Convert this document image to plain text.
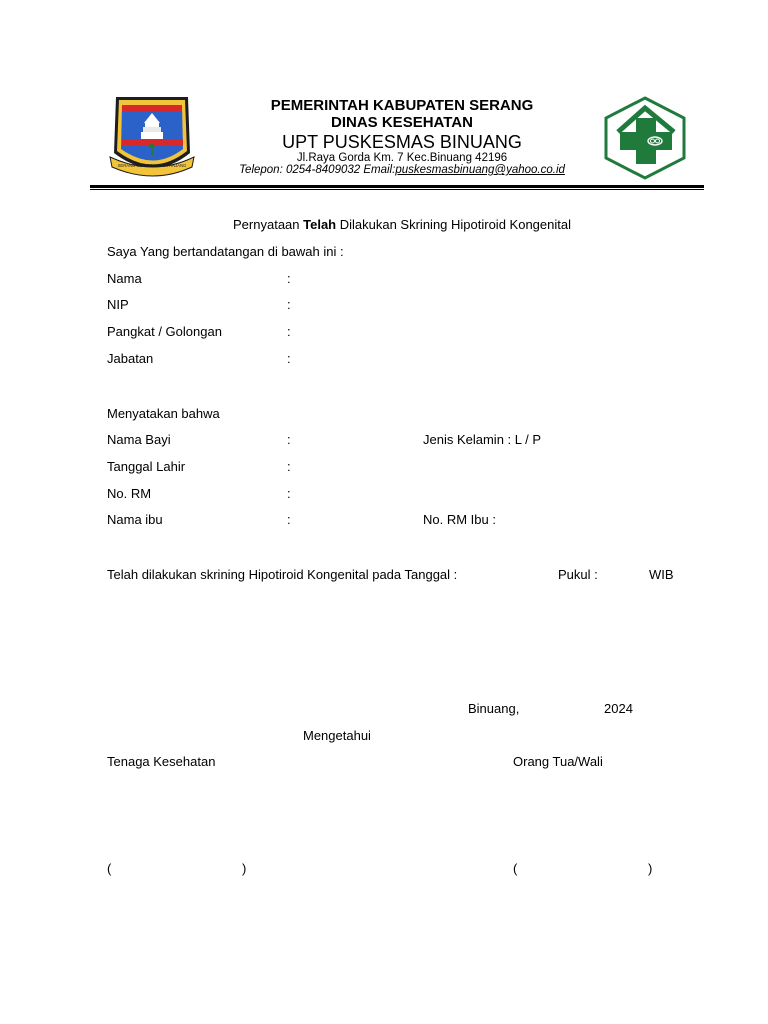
SERANG SEPANJANG DIPANJANG
PEMERINTAH KABUPATEN SERANG
DINAS KESEHATAN
UPT PUSKESMAS BINUANG
Jl.Raya Gorda Km. 7 Kec.Binuang 42196
Telepon: 0254-8409032 Email:puskesmasbinuang@yahoo.co.id
Pernyataan Telah Dilakukan Skrining Hipotiroid Kongenital
Saya Yang bertandatangan di bawah ini :
Nama	:
NIP	:
Pangkat / Golongan	:
Jabatan	:
Menyatakan bahwa
Nama Bayi	:	Jenis Kelamin : L / P
Tanggal Lahir	:
No. RM	:
Nama ibu	:	No. RM Ibu :
Telah dilakukan skrining Hipotiroid Kongenital pada Tanggal :	Pukul :	WIB
Binuang,	2024
Mengetahui
Tenaga Kesehatan	Orang Tua/Wali
(	)	(	)
